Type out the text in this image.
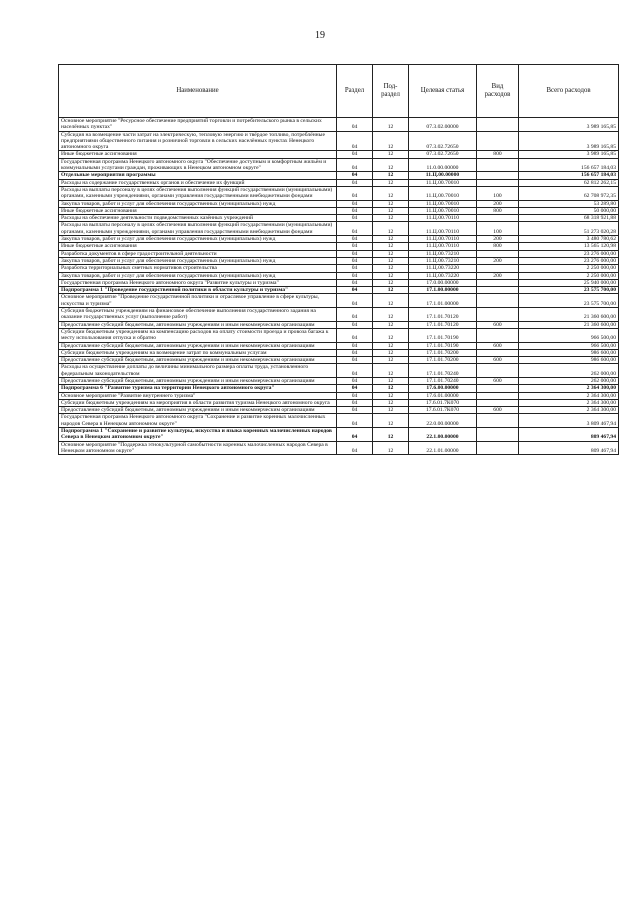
19
Наименование	Раздел	Под-раздел	Целевая статья	Вид расходов	Всего расходов
Основное мероприятие "Ресурсное обеспечение предприятий торговли и потребительского рынка в сельских населённых пунктах"	04	12	07.3.02.00000		3 989 165,85
Субсидия на возмещение части затрат на электрическую, тепловую энергию и твёрдое топливо, потреблённые предприятиями общественного питания и розничной торговли в сельских населённых пунктах Ненецкого автономного округа	04	12	07.3.02.72650		3 989 165,85
Иные бюджетные ассигнования	04	12	07.3.02.72650	800	3 989 165,85
Государственная программа Ненецкого автономного округа "Обеспечение доступным и комфортным жильём и коммунальными услугами граждан, проживающих в Ненецком автономном округе"	04	12	11.0.00.00000		156 657 184,03
Отдельные мероприятия программы	04	12	11.Ц.00.00000		156 657 184,03
Расходы на содержание государственных органов и обеспечение их функций	04	12	11.Ц.00.70010		62 812 262,15
Расходы на выплаты персоналу в целях обеспечения выполнения функций государственными (муниципальными) органами, казенными учреждениями, органами управления государственными внебюджетными фондами	04	12	11.Ц.00.70010	100	62 708 972,35
Закупка товаров, работ и услуг для обеспечения государственных (муниципальных) нужд	04	12	11.Ц.00.70010	200	53 289,80
Иные бюджетные ассигнования	04	12	11.Ц.00.70010	800	50 000,00
Расходы на обеспечение деятельности подведомственных казённых учреждений	04	12	11.Ц.00.70110		68 318 921,88
Расходы на выплаты персоналу в целях обеспечения выполнения функций государственными (муниципальными) органами, казенными учреждениями, органами управления государственными внебюджетными фондами	04	12	11.Ц.00.70110	100	51 273 020,28
Закупка товаров, работ и услуг для обеспечения государственных (муниципальных) нужд	04	12	11.Ц.00.70110	200	3 480 780,62
Иные бюджетные ассигнования	04	12	11.Ц.00.70110	800	13 565 120,98
Разработка документов в сфере градостроительной деятельности	04	12	11.Ц.00.73210		23 276 000,00
Закупка товаров, работ и услуг для обеспечения государственных (муниципальных) нужд	04	12	11.Ц.00.73210	200	23 276 000,00
Разработка территориальных сметных нормативов строительства	04	12	11.Ц.00.73220		2 250 000,00
Закупка товаров, работ и услуг для обеспечения государственных (муниципальных) нужд	04	12	11.Ц.00.73220	200	2 250 000,00
Государственная программа Ненецкого автономного округа "Развитие культуры и туризма"	04	12	17.0.00.00000		25 940 000,00
Подпрограмма 1 "Проведение государственной политики в области культуры и туризма"	04	12	17.1.00.00000		23 575 700,00
Основное мероприятие "Проведение государственной политики и отраслевое управление в сфере культуры, искусства и туризма"	04	12	17.1.01.00000		23 575 700,00
Субсидия бюджетным учреждениям на финансовое обеспечение выполнения государственного задания на оказание государственных услуг (выполнение работ)	04	12	17.1.01.70120		21 360 600,00
Предоставление субсидий бюджетным, автономным учреждениям и иным некоммерческим организациям	04	12	17.1.01.70120	600	21 360 600,00
Субсидии бюджетным учреждениям на компенсацию расходов на оплату стоимости проезда и провоза багажа к месту использования отпуска и обратно	04	12	17.1.01.70190		966 500,00
Предоставление субсидий бюджетным, автономным учреждениям и иным некоммерческим организациям	04	12	17.1.01.70190	600	966 500,00
Субсидии бюджетным учреждениям на возмещение затрат по коммунальным услугам	04	12	17.1.01.70200		986 600,00
Предоставление субсидий бюджетным, автономным учреждениям и иным некоммерческим организациям	04	12	17.1.01.70200	600	986 600,00
Расходы на осуществление доплаты до величины минимального размера оплаты труда, установленного федеральным законодательством	04	12	17.1.01.70240		262 000,00
Предоставление субсидий бюджетным, автономным учреждениям и иным некоммерческим организациям	04	12	17.1.01.70240	600	262 000,00
Подпрограмма 6 "Развитие туризма на территории Ненецкого автономного округа"	04	12	17.6.00.00000		2 364 300,00
Основное мероприятие "Развитие внутреннего туризма"	04	12	17.6.01.00000		2 364 300,00
Субсидии бюджетным учреждениям на мероприятия в области развития туризма Ненецкого автономного округа	04	12	17.6.01.7К070		2 364 300,00
Предоставление субсидий бюджетным, автономным учреждениям и иным некоммерческим организациям	04	12	17.6.01.7К070	600	2 364 300,00
Государственная программа Ненецкого автономного округа "Сохранение и развитие коренных малочисленных народов Севера в Ненецком автономном округе"	04	12	22.0.00.00000		3 809 467,94
Подпрограмма 1 "Сохранение и развитие культуры, искусства и языка коренных малочисленных народов Севера в Ненецком автономном округе"	04	12	22.1.00.00000		809 467,94
Основное мероприятие "Поддержка этнокультурной самобытности коренных малочисленных народов Севера в Ненецком автономном округе"	04	12	22.1.01.00000		809 467,94
